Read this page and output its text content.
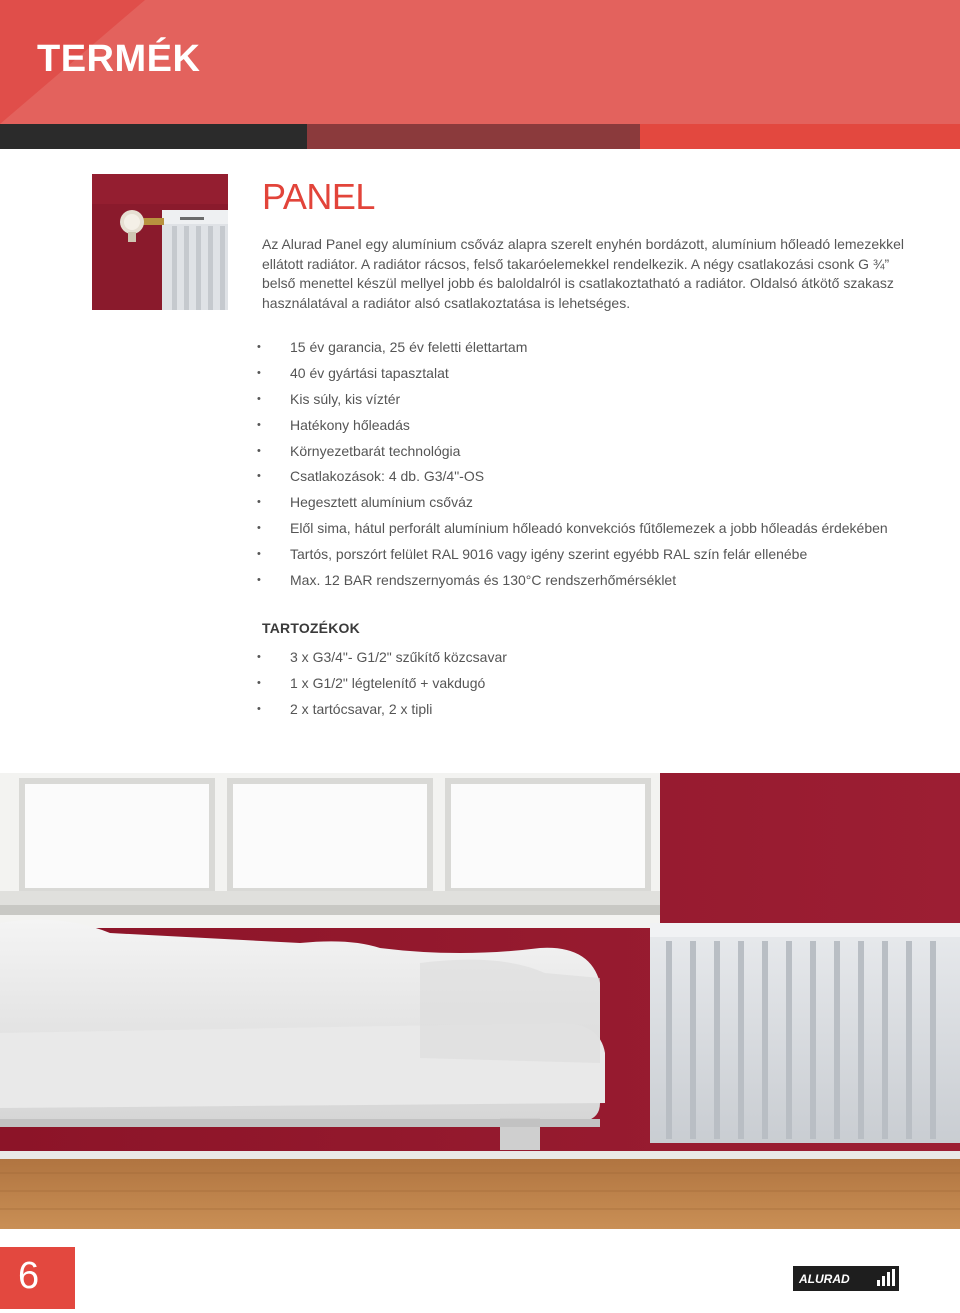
TERMÉK
PANEL
Az Alurad Panel egy alumínium csőváz alapra szerelt enyhén bordázott, alumínium hőleadó lemezekkel ellátott radiátor. A radiátor rácsos, felső takaróelemekkel rendelkezik. A négy csatlakozási csonk G ¾” belső menettel készül mellyel jobb és baloldalról is csatlakoztatható a radiátor. Oldalsó átkötő szakasz használatával a radiátor alsó csatlakoztatása is lehetséges.
• 15 év garancia, 25 év feletti élettartam
• 40 év gyártási tapasztalat
• Kis súly, kis víztér
• Hatékony hőleadás
• Környezetbarát technológia
• Csatlakozások: 4 db. G3/4"-OS
• Hegesztett alumínium csőváz
• Elől sima, hátul perforált alumínium hőleadó konvekciós fűtőlemezek a jobb hőleadás érdekében
• Tartós, porszórt felület RAL 9016 vagy igény szerint egyébb RAL szín felár ellenébe
• Max. 12 BAR rendszernyomás és 130°C rendszerhőmérséklet
TARTOZÉKOK
• 3 x G3/4"- G1/2" szűkítő közcsavar
• 1 x G1/2" légtelenítő + vakdugó
• 2 x tartócsavar, 2 x tipli
6	ALURAD
